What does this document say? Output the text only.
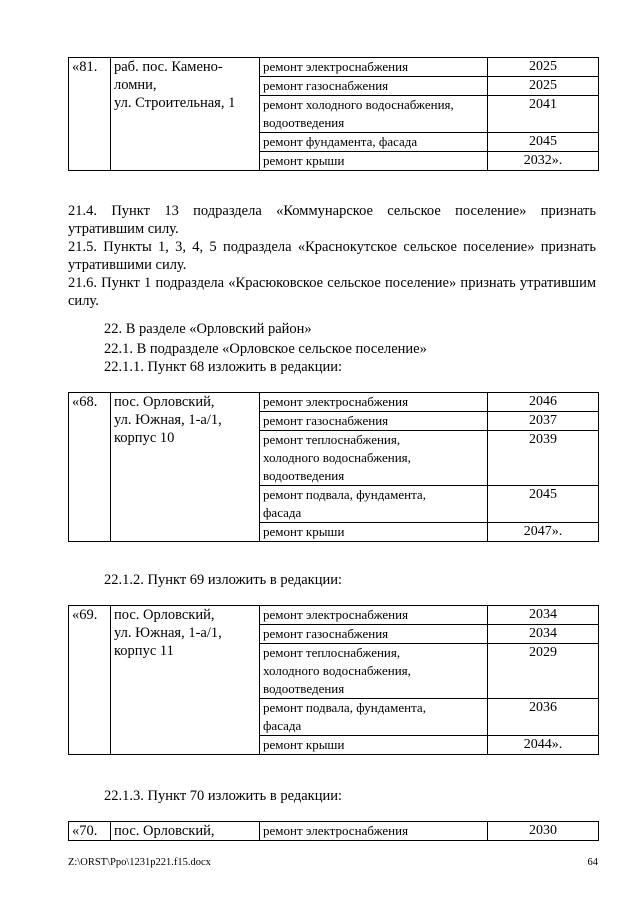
«81.	раб. пос. Камено-
ломни,
ул. Строительная, 1	ремонт электроснабжения	2025

		ремонт газоснабжения	2025

		ремонт холодного водоснабжения,
водоотведения	2041

		ремонт фундамента, фасада	2045

		ремонт крыши	2032».
21.4. Пункт 13 подраздела «Коммунарское сельское поселение» признать утратившим силу.
21.5. Пункты 1, 3, 4, 5 подраздела «Краснокутское сельское поселение» признать утратившими силу.
21.6. Пункт 1 подраздела «Красюковское сельское поселение» признать утратившим силу.
22. В разделе «Орловский район»
22.1. В подразделе «Орловское сельское поселение»
22.1.1. Пункт 68 изложить в редакции:
«68.	пос. Орловский,
ул. Южная, 1-а/1,
корпус 10	ремонт электроснабжения	2046

		ремонт газоснабжения	2037

		ремонт теплоснабжения,
холодного водоснабжения,
водоотведения	2039

		ремонт подвала, фундамента,
фасада	2045

		ремонт крыши	2047».
22.1.2. Пункт 69 изложить в редакции:
«69.	пос. Орловский,
ул. Южная, 1-а/1,
корпус 11	ремонт электроснабжения	2034

		ремонт газоснабжения	2034

		ремонт теплоснабжения,
холодного водоснабжения,
водоотведения	2029

		ремонт подвала, фундамента,
фасада	2036

		ремонт крыши	2044».
22.1.3. Пункт 70 изложить в редакции:
«70.	пос. Орловский,	ремонт электроснабжения	2030
Z:\ORST\Ppo\1231p221.f15.docx	64
